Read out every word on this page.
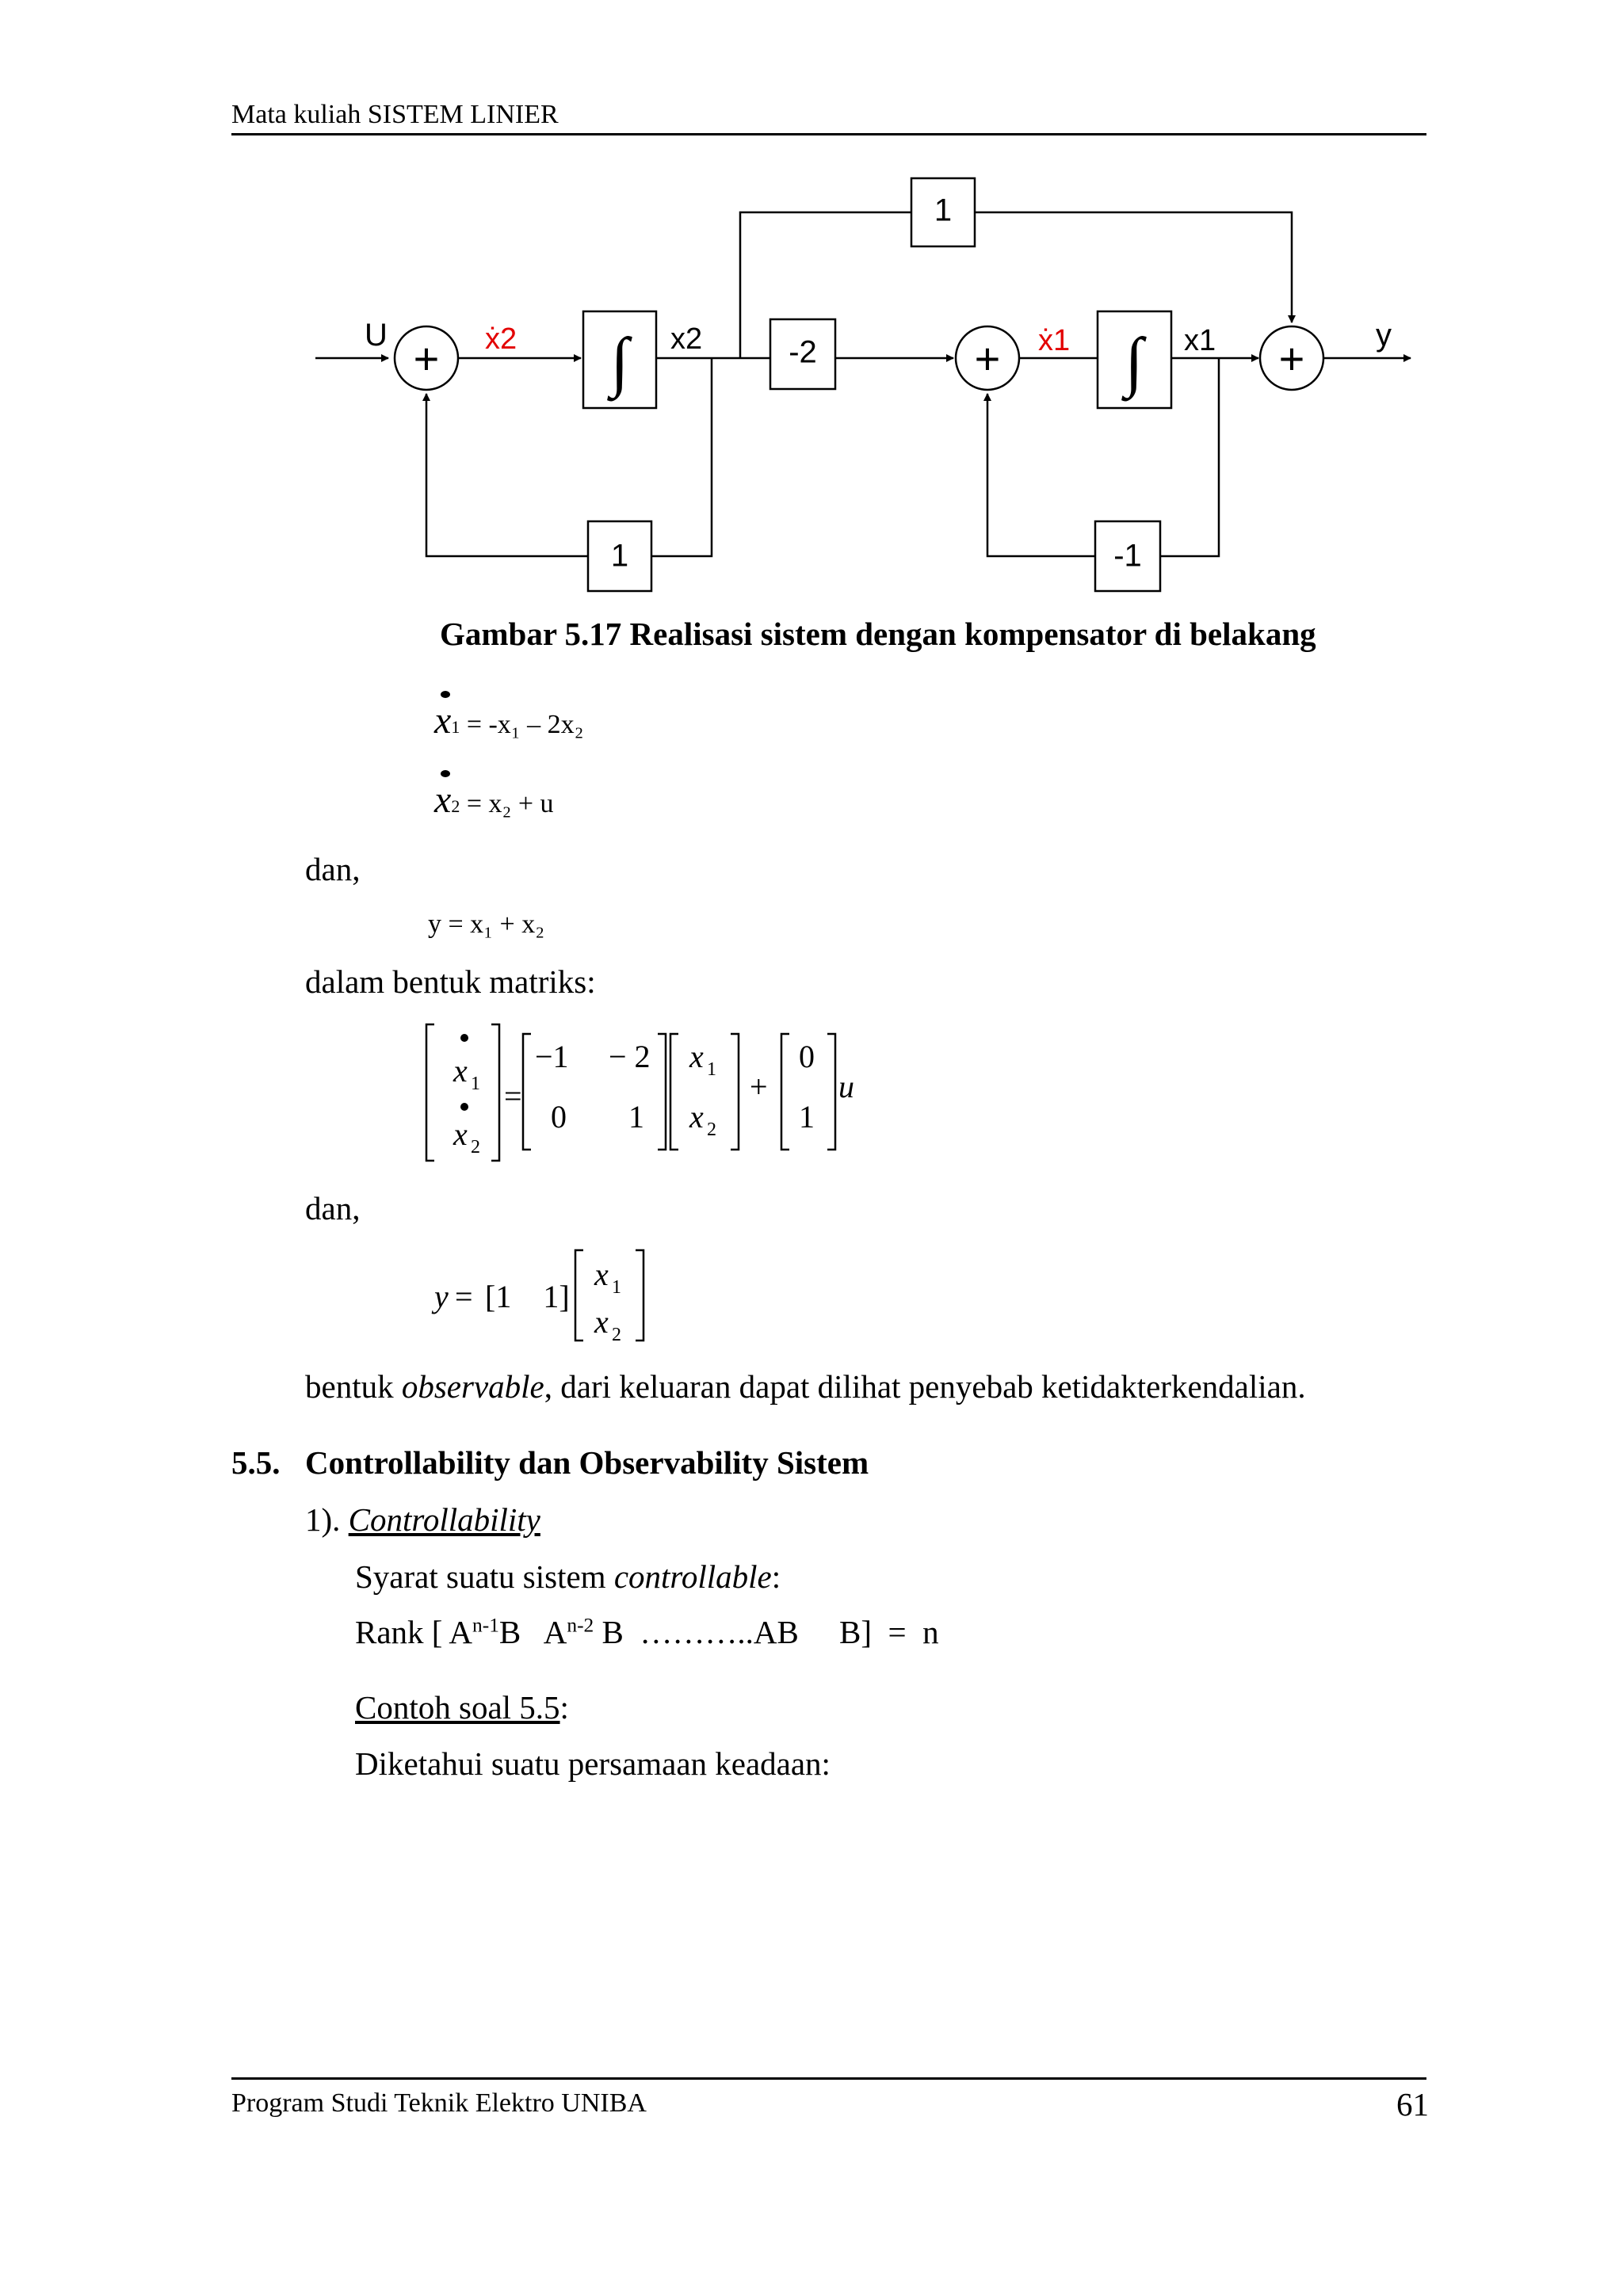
Mata kuliah SISTEM LINIER
+	+	+
∫	∫
1
-2
1	-1
U	ẋ2	x2	ẋ1	x1	y
Gambar 5.17 Realisasi sistem dengan kompensator di belakang
x1 = -x₁ – 2x₂
x2 = x₂ + u
dan,
y = x₁ + x₂
dalam bentuk matriks:
x 1
x 2
=
−1 − 2
0 1
x 1
x 2
+
0
1
u
dan,
y = [1    1]
x 1
x 2
bentuk observable, dari keluaran dapat dilihat penyebab ketidakterkendalian.
5.5. Controllability dan Observability Sistem
1). Controllability
Syarat suatu sistem controllable:
Rank [ $A^{n-1}B$   $A^{n-2}$ B  ………..AB     B]  =  n
Contoh soal 5.5:
Diketahui suatu persamaan keadaan:
Program Studi Teknik Elektro UNIBA	61
